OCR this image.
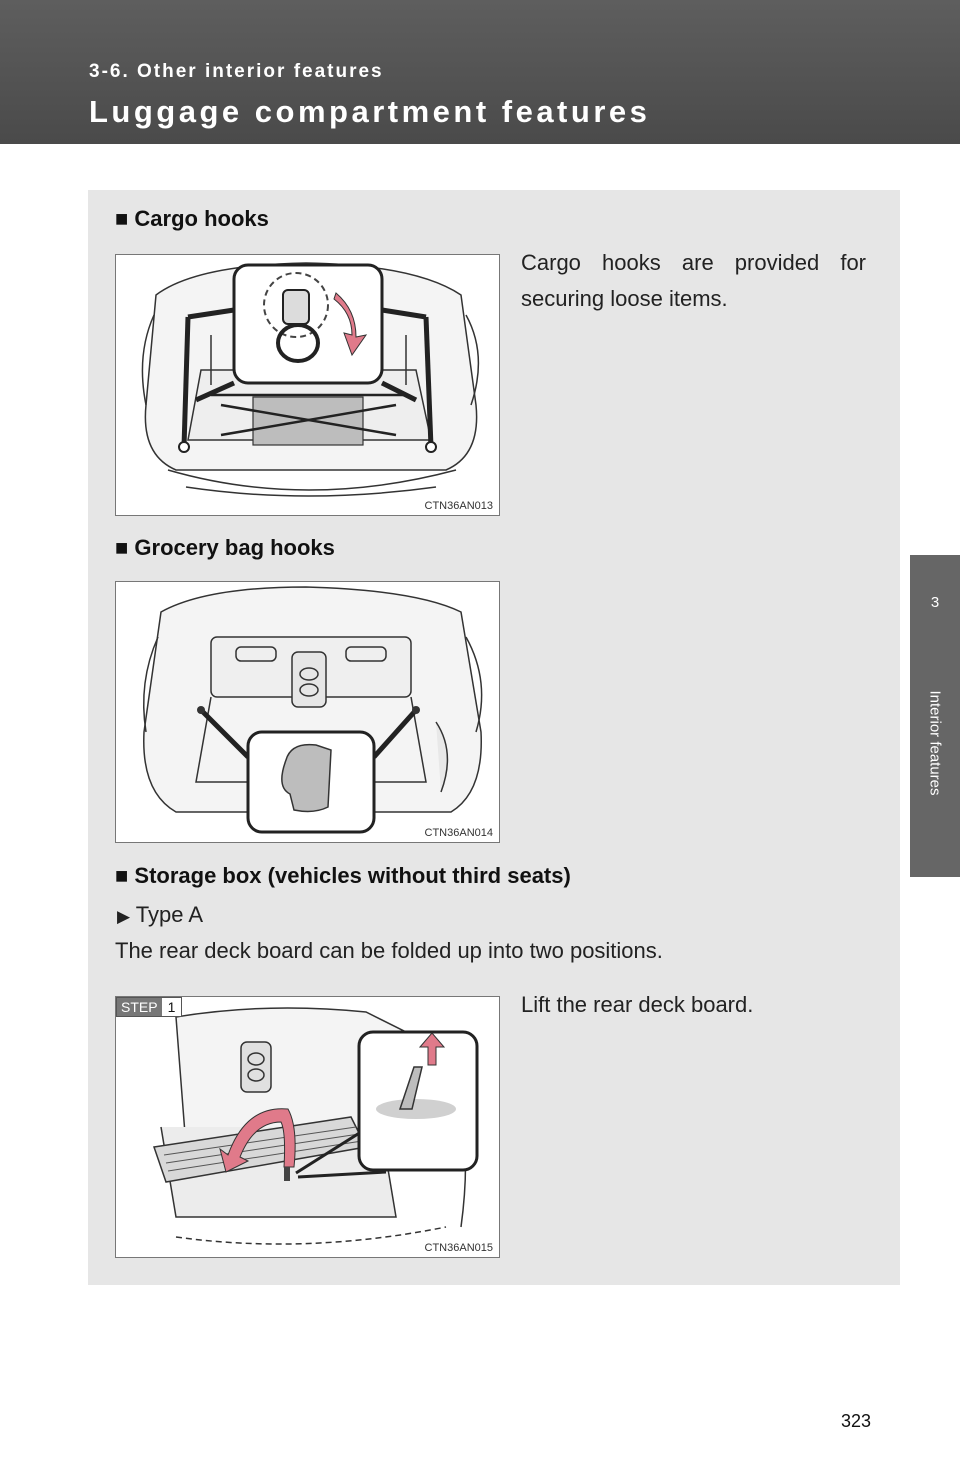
3-6. Other interior features
Luggage compartment features
3
Interior features
■ Cargo hooks
Cargo hooks are provided for securing loose items.
CTN36AN013
■ Grocery bag hooks
CTN36AN014
■ Storage box (vehicles without third seats)
▶ Type A
The rear deck board can be folded up into two positions.
Lift the rear deck board.
STEP 1
CTN36AN015
323
